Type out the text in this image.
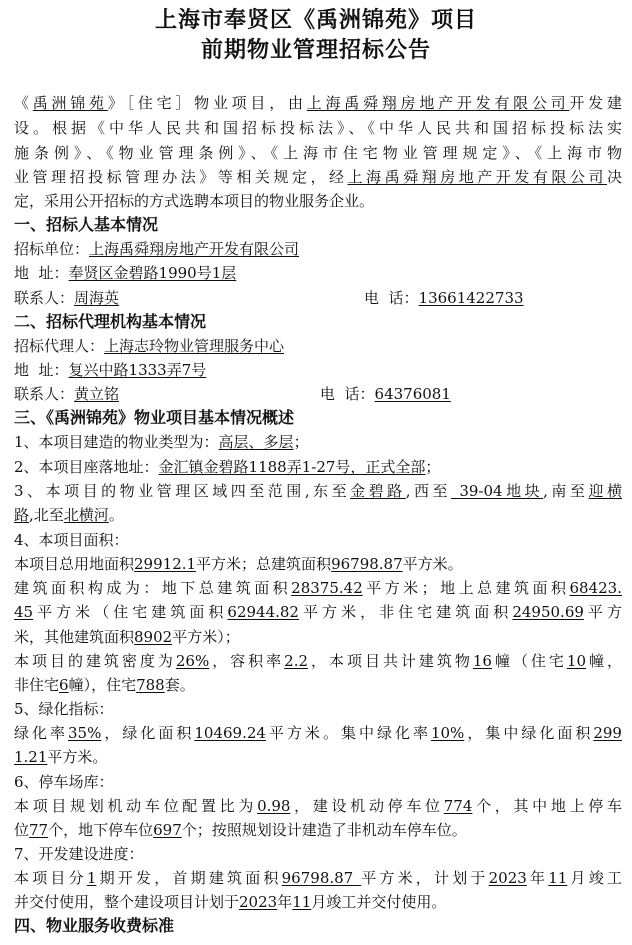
上海市奉贤区《禹洲锦苑》项目
前期物业管理招标公告
《禹洲锦苑》［住宅］物业项目，由上海禹舜翔房地产开发有限公司开发建
设。根据《中华人民共和国招标投标法》、《中华人民共和国招标投标法实
施条例》、《物业管理条例》、《上海市住宅物业管理规定》、《上海市物
业管理招投标管理办法》等相关规定，经上海禹舜翔房地产开发有限公司决
定，采用公开招标的方式选聘本项目的物业服务企业。
一、招标人基本情况
招标单位：上海禹舜翔房地产开发有限公司
地  址：奉贤区金碧路1990号1层
联系人：周海英	电  话：13661422733
二、招标代理机构基本情况
招标代理人：上海志玲物业管理服务中心
地  址：复兴中路1333弄7号
联系人：黄立铭	电  话：64376081
三、《禹洲锦苑》物业项目基本情况概述
1、本项目建造的物业类型为：高层、多层；
2、本项目座落地址：金汇镇金碧路1188弄1-27号，正式全部；
3、本项目的物业管理区域四至范围,东至金碧路,西至 39-04地块,南至迎横
路,北至北横河。
4、本项目面积：
本项目总用地面积29912.1平方米；总建筑面积96798.87平方米。
建筑面积构成为：地下总建筑面积28375.42平方米；地上总建筑面积68423.
45平方米（住宅建筑面积62944.82平方米，非住宅建筑面积24950.69平方
米，其他建筑面积8902平方米）；
本项目的建筑密度为26%，容积率2.2，本项目共计建筑物16幢（住宅10幢，
非住宅6幢），住宅788套。
5、绿化指标：
绿化率35%，绿化面积10469.24平方米。集中绿化率10%，集中绿化面积299
1.21平方米。
6、停车场库：
本项目规划机动车位配置比为0.98，建设机动停车位774个，其中地上停车
位77个，地下停车位697个；按照规划设计建造了非机动车停车位。
7、开发建设进度：
本项目分1期开发，首期建筑面积96798.87 平方米，计划于2023年11月竣工
并交付使用，整个建设项目计划于2023年11月竣工并交付使用。
四、物业服务收费标准
